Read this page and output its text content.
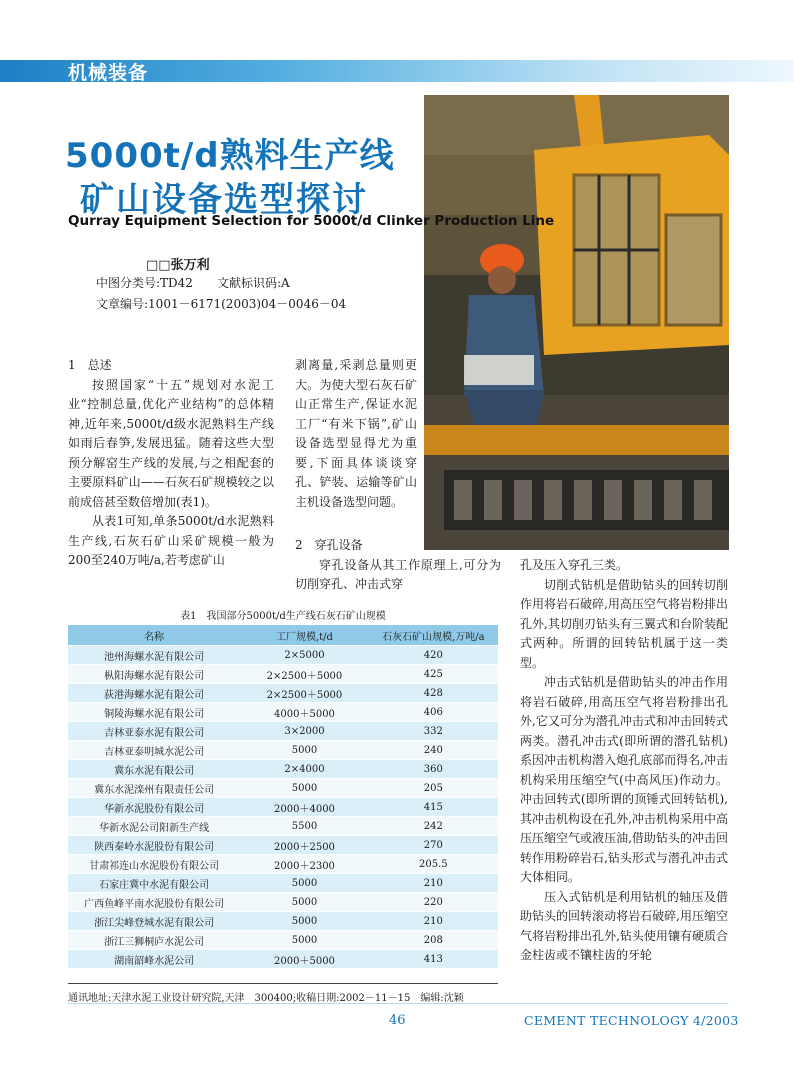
机械装备
5000t/d熟料生产线
矿山设备选型探讨
Qurray Equipment Selection for 5000t/d Clinker Production Line
□□张万利
中图分类号:TD42　　文献标识码:A
文章编号:1001－6171(2003)04－0046－04

1　总述

按照国家“十五”规划对水泥工业“控制总量,优化产业结构”的总体精神,近年来,5000t/d级水泥熟料生产线如雨后春笋,发展迅猛。随着这些大型预分解窑生产线的发展,与之相配套的主要原料矿山——石灰石矿规模较之以前成倍甚至数倍增加(表1)。

从表1可知,单条5000t/d水泥熟料生产线,石灰石矿山采矿规模一般为200至240万吨/a,若考虑矿山

剥离量,采剥总量则更大。为使大型石灰石矿山正常生产,保证水泥工厂“有米下锅”,矿山设备选型显得尤为重要,下面具体谈谈穿孔、铲装、运输等矿山主机设备选型问题。

2　穿孔设备

穿孔设备从其工作原理上,可分为切削穿孔、冲击式穿

孔及压入穿孔三类。

切削式钻机是借助钻头的回转切削作用将岩石破碎,用高压空气将岩粉排出孔外,其切削刃钻头有三翼式和台阶装配式两种。所谓的回转钻机属于这一类型。

冲击式钻机是借助钻头的冲击作用将岩石破碎,用高压空气将岩粉排出孔外,它又可分为潜孔冲击式和冲击回转式两类。潜孔冲击式(即所谓的潜孔钻机)系因冲击机构潜入炮孔底部而得名,冲击机构采用压缩空气(中高风压)作动力。冲击回转式(即所谓的顶锤式回转钻机),其冲击机构设在孔外,冲击机构采用中高压压缩空气或液压油,借助钻头的冲击回转作用粉碎岩石,钻头形式与潜孔冲击式大体相同。

压入式钻机是利用钻机的轴压及借助钻头的回转滚动将岩石破碎,用压缩空气将岩粉排出孔外,钻头使用镶有硬质合金柱齿或不镶柱齿的牙轮

表1　我国部分5000t/d生产线石灰石矿山规模
名称	工厂规模,t/d	石灰石矿山规模,万吨/a
池州海螺水泥有限公司	2×5000	420
枞阳海螺水泥有限公司	2×2500＋5000	425
荻港海螺水泥有限公司	2×2500＋5000	428
铜陵海螺水泥有限公司	4000＋5000	406
吉林亚泰水泥有限公司	3×2000	332
吉林亚泰明城水泥公司	5000	240
冀东水泥有限公司	2×4000	360
冀东水泥滦州有限责任公司	5000	205
华新水泥股份有限公司	2000＋4000	415
华新水泥公司阳新生产线	5500	242
陕西秦岭水泥股份有限公司	2000＋2500	270
甘肃祁连山水泥股份有限公司	2000＋2300	205.5
石家庄冀中水泥有限公司	5000	210
广西鱼峰平南水泥股份有限公司	5000	220
浙江尖峰登城水泥有限公司	5000	210
浙江三狮桐庐水泥公司	5000	208
湖南韶峰水泥公司	2000＋5000	413
通讯地址:天津水泥工业设计研究院,天津　300400;收稿日期:2002－11－15　编辑:沈颖
46	CEMENT TECHNOLOGY 4/2003
